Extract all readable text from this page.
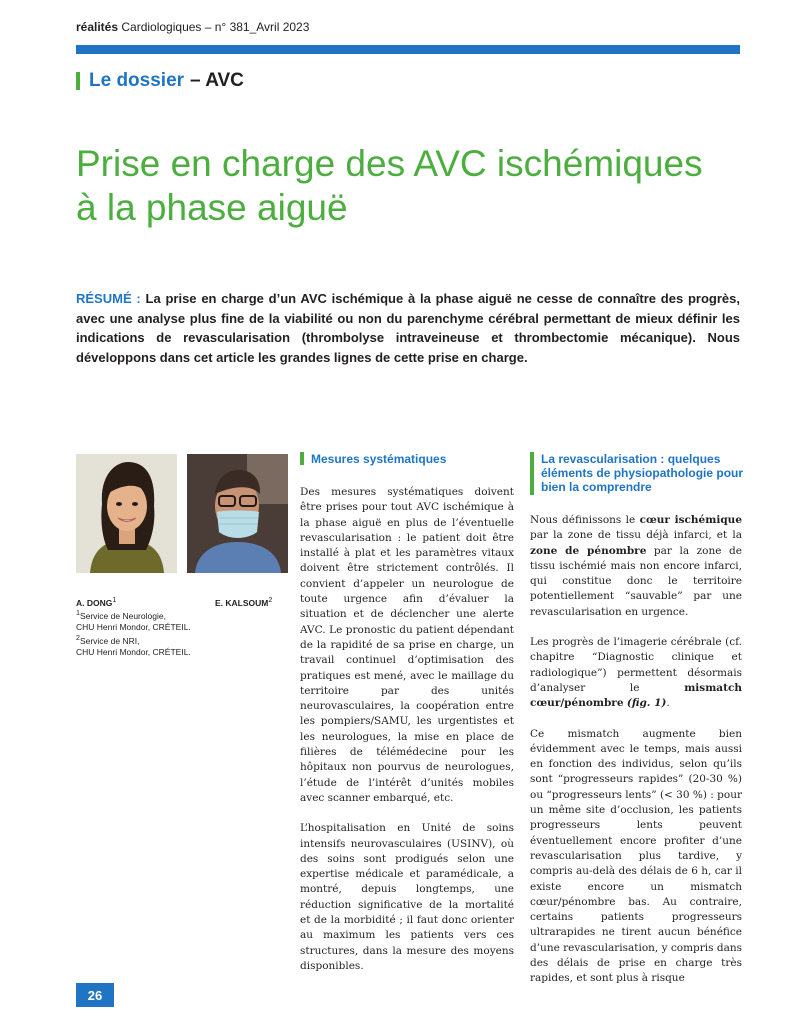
réalités Cardiologiques – n° 381_Avril 2023
Le dossier – AVC
Prise en charge des AVC ischémiques
à la phase aiguë
RÉSUMÉ : La prise en charge d’un AVC ischémique à la phase aiguë ne cesse de connaître des progrès, avec une analyse plus fine de la viabilité ou non du parenchyme cérébral permettant de mieux définir les indications de revascularisation (thrombolyse intraveineuse et thrombectomie mécanique). Nous développons dans cet article les grandes lignes de cette prise en charge.
A. DONG$^1$	E. KALSOUM$^2$
$^1$Service de Neurologie,
CHU Henri Mondor, CRÉTEIL.
$^2$Service de NRI,
CHU Henri Mondor, CRÉTEIL.
Mesures systématiques

Des mesures systématiques doivent être prises pour tout AVC ischémique à la phase aiguë en plus de l’éventuelle revascularisation : le patient doit être installé à plat et les paramètres vitaux doivent être strictement contrôlés. Il convient d’appeler un neurologue de toute urgence afin d’évaluer la situation et de déclencher une alerte AVC. Le pronostic du patient dépendant de la rapidité de sa prise en charge, un travail continuel d’optimisation des pratiques est mené, avec le maillage du territoire par des unités neurovasculaires, la coopération entre les pompiers/SAMU, les urgentistes et les neurologues, la mise en place de filières de télémédecine pour les hôpitaux non pourvus de neurologues, l’étude de l’intérêt d’unités mobiles avec scanner embarqué, etc.

L’hospitalisation en Unité de soins intensifs neurovasculaires (USINV), où des soins sont prodigués selon une expertise médicale et paramédicale, a montré, depuis longtemps, une réduction significative de la mortalité et de la morbidité ; il faut donc orienter au maximum les patients vers ces structures, dans la mesure des moyens disponibles.

La revascularisation : quelques éléments de physiopathologie pour bien la comprendre

Nous définissons le cœur ischémique par la zone de tissu déjà infarci, et la zone de pénombre par la zone de tissu ischémié mais non encore infarci, qui constitue donc le territoire potentiellement “sauvable” par une revascularisation en urgence.

Les progrès de l’imagerie cérébrale (cf. chapitre “Diagnostic clinique et radiologique”) permettent désormais d’analyser le mismatch cœur/pénombre (fig. 1).

Ce mismatch augmente bien évidemment avec le temps, mais aussi en fonction des individus, selon qu’ils sont “progresseurs rapides” (20-30 %) ou “progresseurs lents” (< 30 %) : pour un même site d’occlusion, les patients progresseurs lents peuvent éventuellement encore profiter d’une revascularisation plus tardive, y compris au-delà des délais de 6 h, car il existe encore un mismatch cœur/pénombre bas. Au contraire, certains patients progresseurs ultrarapides ne tirent aucun bénéfice d’une revascularisation, y compris dans des délais de prise en charge très rapides, et sont plus à risque

26
